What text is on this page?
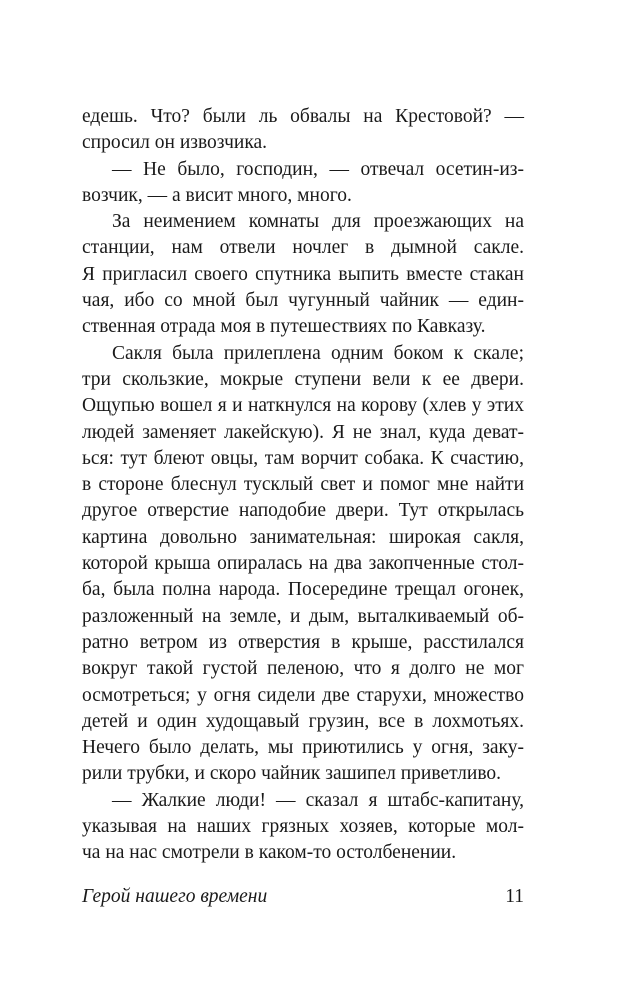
едешь. Что? были ль обвалы на Крестовой? —
спросил он извозчика.
— Не было, господин, — отвечал осетин-из-
возчик, — а висит много, много.
За неимением комнаты для проезжающих на
станции, нам отвели ночлег в дымной сакле.
Я пригласил своего спутника выпить вместе стакан
чая, ибо со мной был чугунный чайник — един-
ственная отрада моя в путешествиях по Кавказу.
Сакля была прилеплена одним боком к скале;
три скользкие, мокрые ступени вели к ее двери.
Ощупью вошел я и наткнулся на корову (хлев у этих
людей заменяет лакейскую). Я не знал, куда деват-
ься: тут блеют овцы, там ворчит собака. К счастию,
в стороне блеснул тусклый свет и помог мне найти
другое отверстие наподобие двери. Тут открылась
картина довольно занимательная: широкая сакля,
которой крыша опиралась на два закопченные стол-
ба, была полна народа. Посередине трещал огонек,
разложенный на земле, и дым, выталкиваемый об-
ратно ветром из отверстия в крыше, расстилался
вокруг такой густой пеленою, что я долго не мог
осмотреться; у огня сидели две старухи, множество
детей и один худощавый грузин, все в лохмотьях.
Нечего было делать, мы приютились у огня, заку-
рили трубки, и скоро чайник зашипел приветливо.
— Жалкие люди! — сказал я штабс-капитану,
указывая на наших грязных хозяев, которые мол-
ча на нас смотрели в каком-то остолбенении.
Герой нашего времени	11
